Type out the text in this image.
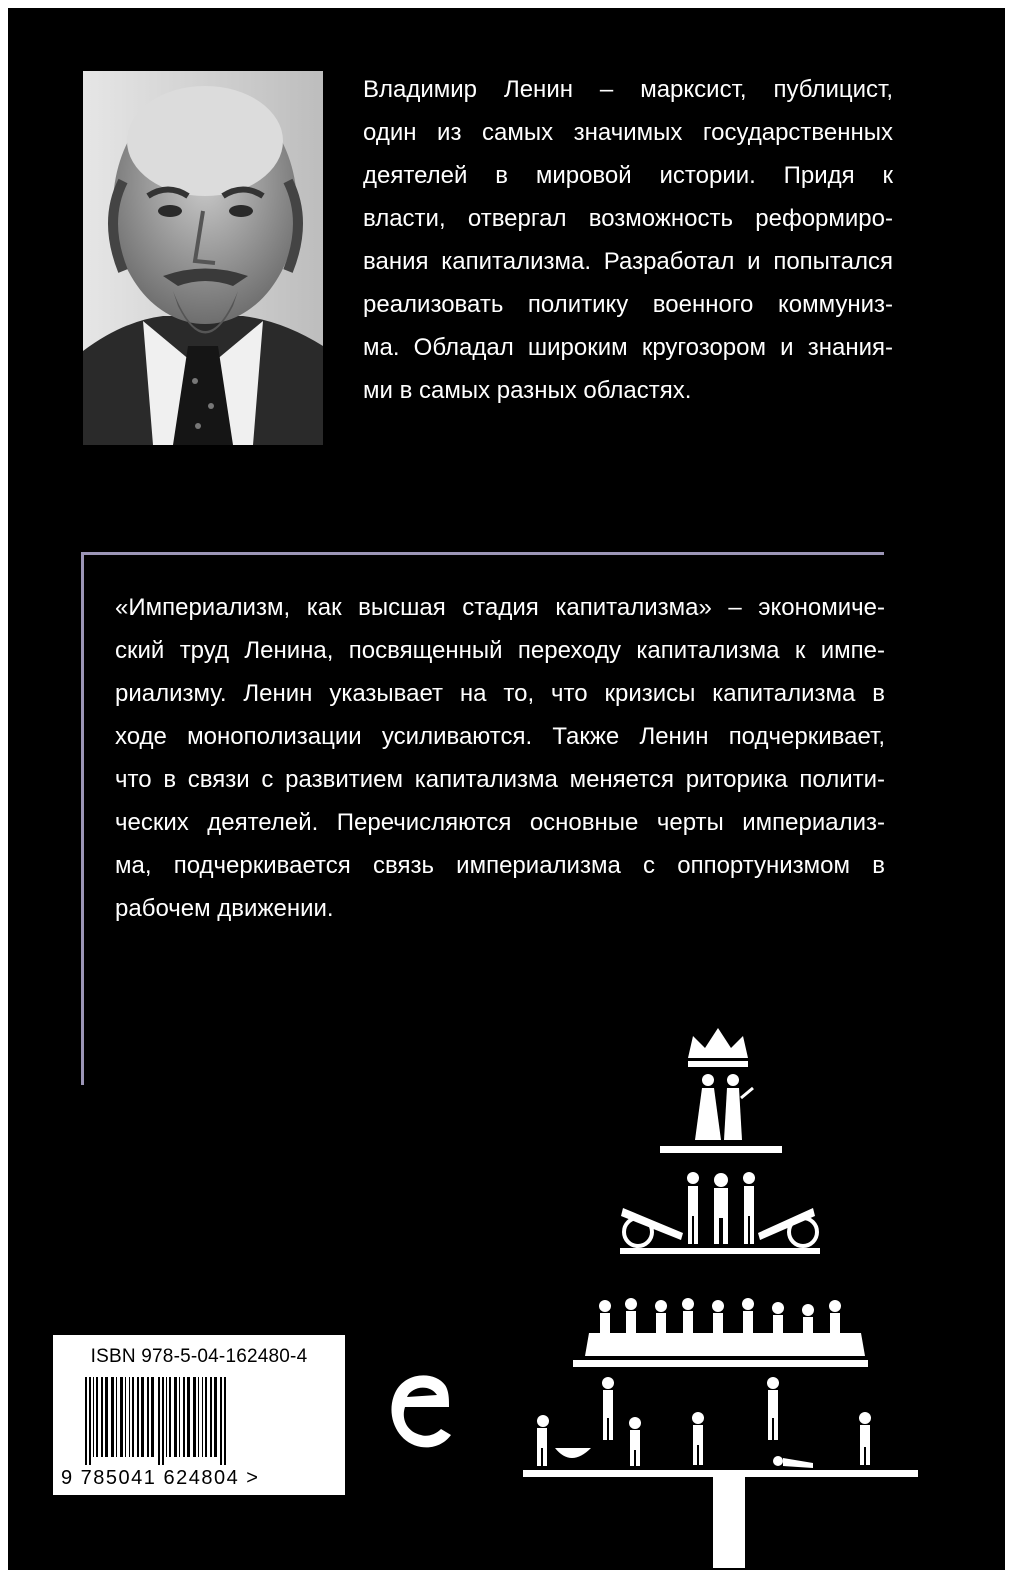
Владимир Ленин – марксист, публицист,
один из самых значимых государственных
деятелей в мировой истории. Придя к
власти, отвергал возможность реформиро-
вания капитализма. Разработал и попытался
реализовать политику военного коммуниз-
ма. Обладал широким кругозором и знания-
ми в самых разных областях.
«Империализм, как высшая стадия капитализма» – экономиче-
ский труд Ленина, посвященный переходу капитализма к импе-
риализму. Ленин указывает на то, что кризисы капитализма в
ходе монополизации усиливаются. Также Ленин подчеркивает,
что в связи с развитием капитализма меняется риторика полити-
ческих деятелей. Перечисляются основные черты империализ-
ма, подчеркивается связь империализма с оппортунизмом в
рабочем движении.
ISBN 978-5-04-162480-4
9 785041 624804 >
